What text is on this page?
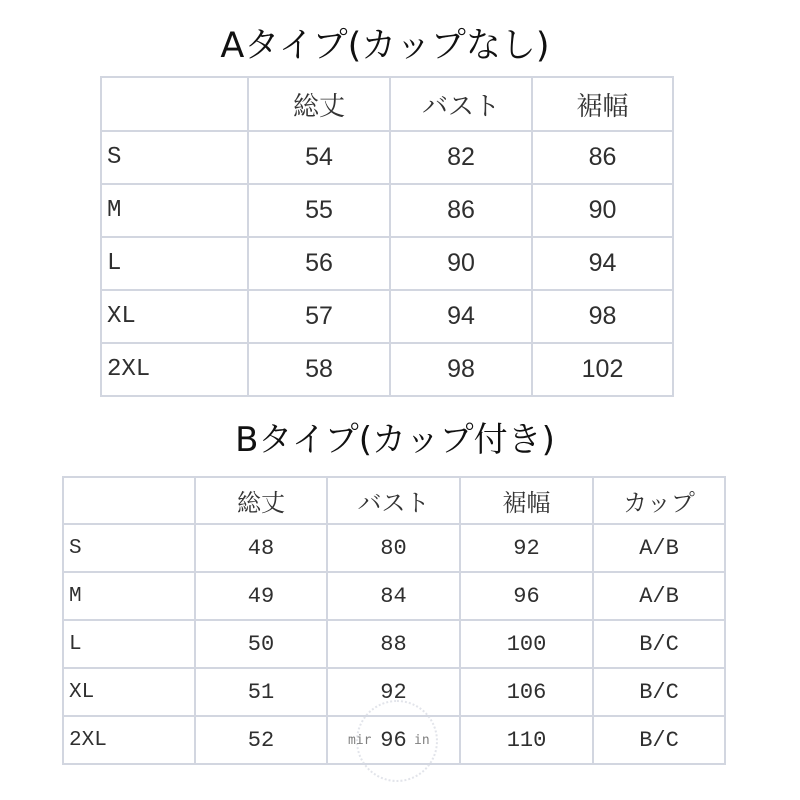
Aタイプ(カップなし)
	総丈	バスト	裾幅
S	54	82	86
M	55	86	90
L	56	90	94
XL	57	94	98
2XL	58	98	102
Bタイプ(カップ付き)
	総丈	バスト	裾幅	カップ
S	48	80	92	A/B
M	49	84	96	A/B
L	50	88	100	B/C
XL	51	92	106	B/C
2XL	52	96	110	B/C
mir	in
